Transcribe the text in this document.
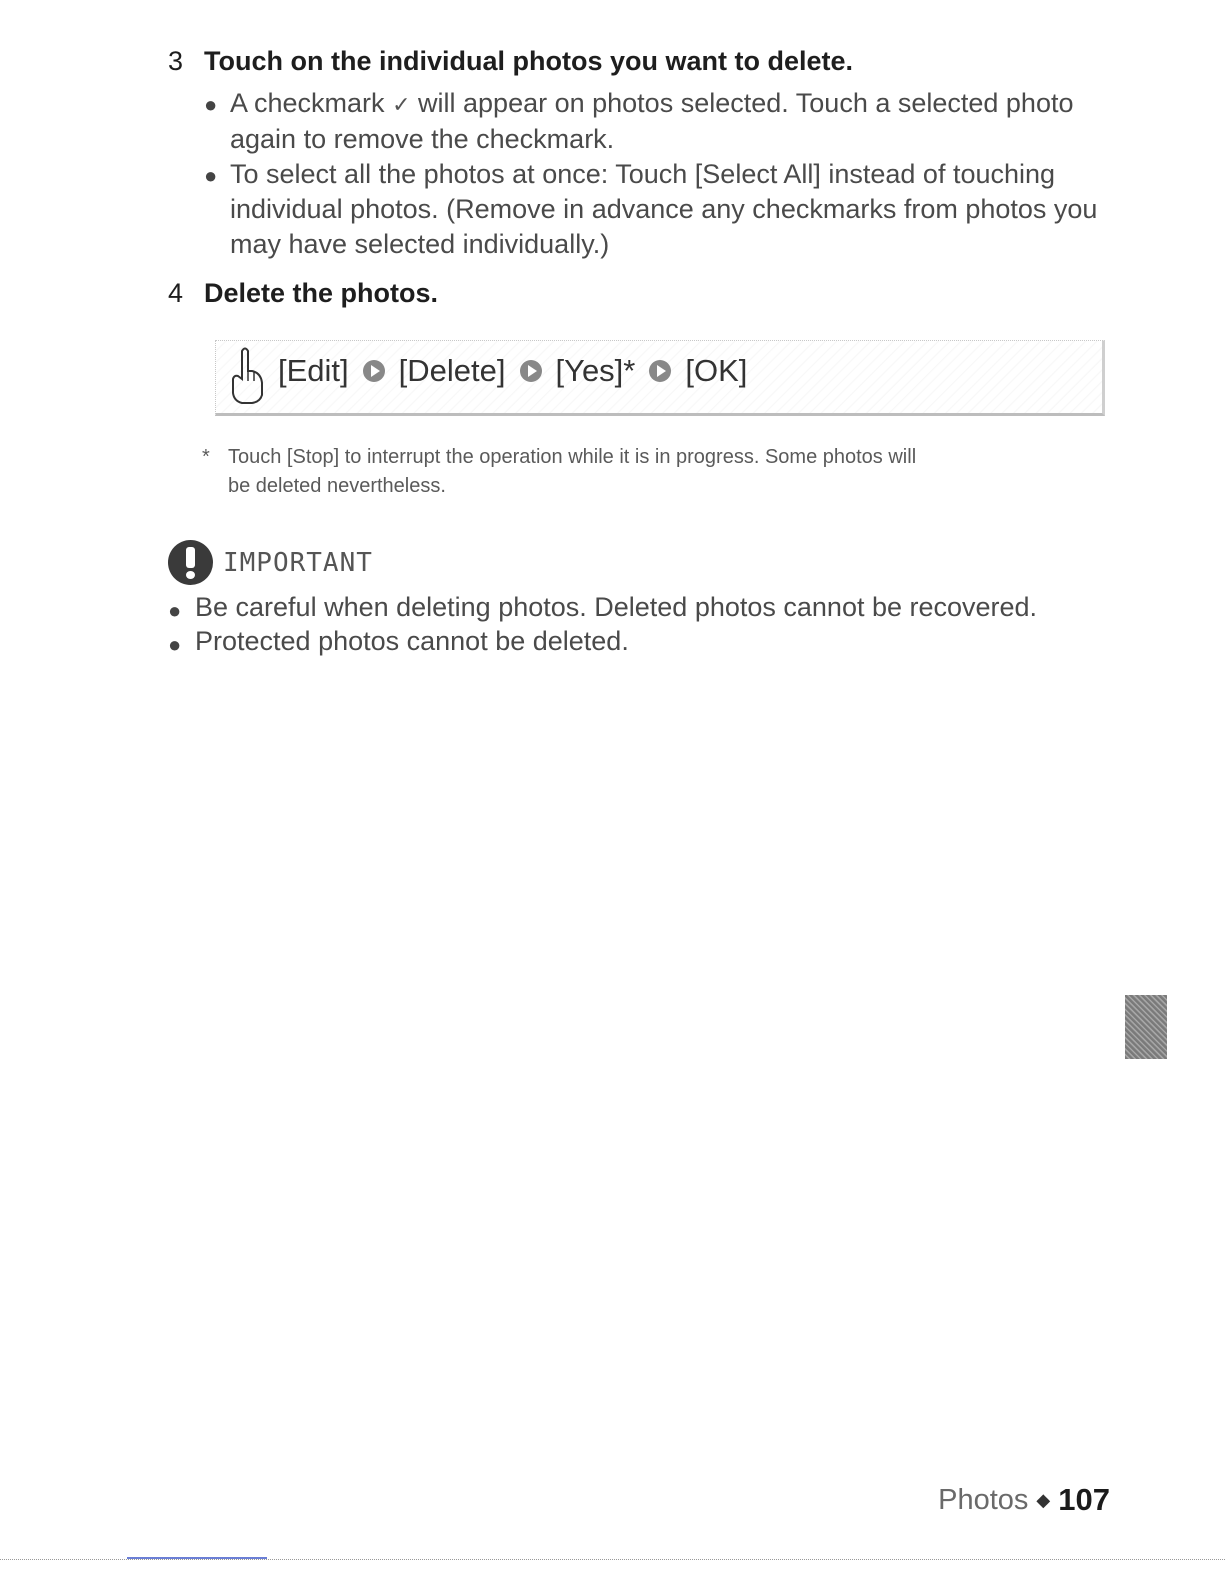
3 Touch on the individual photos you want to delete.
● A checkmark ✓ will appear on photos selected. Touch a selected photo again to remove the checkmark.
● To select all the photos at once: Touch [Select All] instead of touching individual photos. (Remove in advance any checkmarks from photos you may have selected individually.)
4 Delete the photos.
[Edit] [Delete] [Yes]* [OK]
* Touch [Stop] to interrupt the operation while it is in progress. Some photos will
be deleted nevertheless.
IMPORTANT
● Be careful when deleting photos. Deleted photos cannot be recovered.
● Protected photos cannot be deleted.
Photos ◆ 107
